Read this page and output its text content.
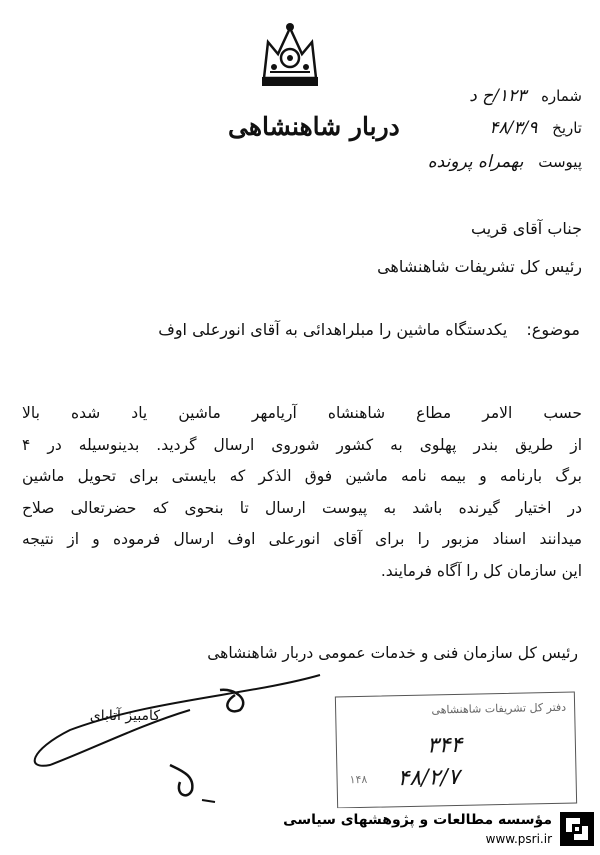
دربار شاهنشاهی
شماره ۱۲۳/ح د
تاریخ ۴۸/۳/۹
پیوست بهمراه پرونده
جناب آقای قریب
رئیس کل تشریفات شاهنشاهی
موضوع: یکدستگاه ماشین را مبلراهدائی به آقای انورعلی اوف
حسب الامر مطاع شاهنشاه آریامهر ماشین یاد شده بالا
از طریق بندر پهلوی به کشور شوروی ارسال گردید. بدینوسیله در ۴
برگ بارنامه و بیمه نامه ماشین فوق الذکر که بایستی برای تحویل ماشین
در اختیار گیرنده باشد به پیوست ارسال تا بنحوی که حضرتعالی صلاح
میدانند اسناد مزبور را برای آقای انورعلی اوف ارسال فرموده و از نتیجه
این سازمان کل را آگاه فرمایند.
رئیس کل سازمان فنی و خدمات عمومی دربار شاهنشاهی
کامبیز آتابای	دفتر کل تشریفات شاهنشاهی
۳۴۴
۴۸/۲/۷
۱۴۸
مؤسسه مطالعات و پژوهشهای سیاسی
www.psri.ir
